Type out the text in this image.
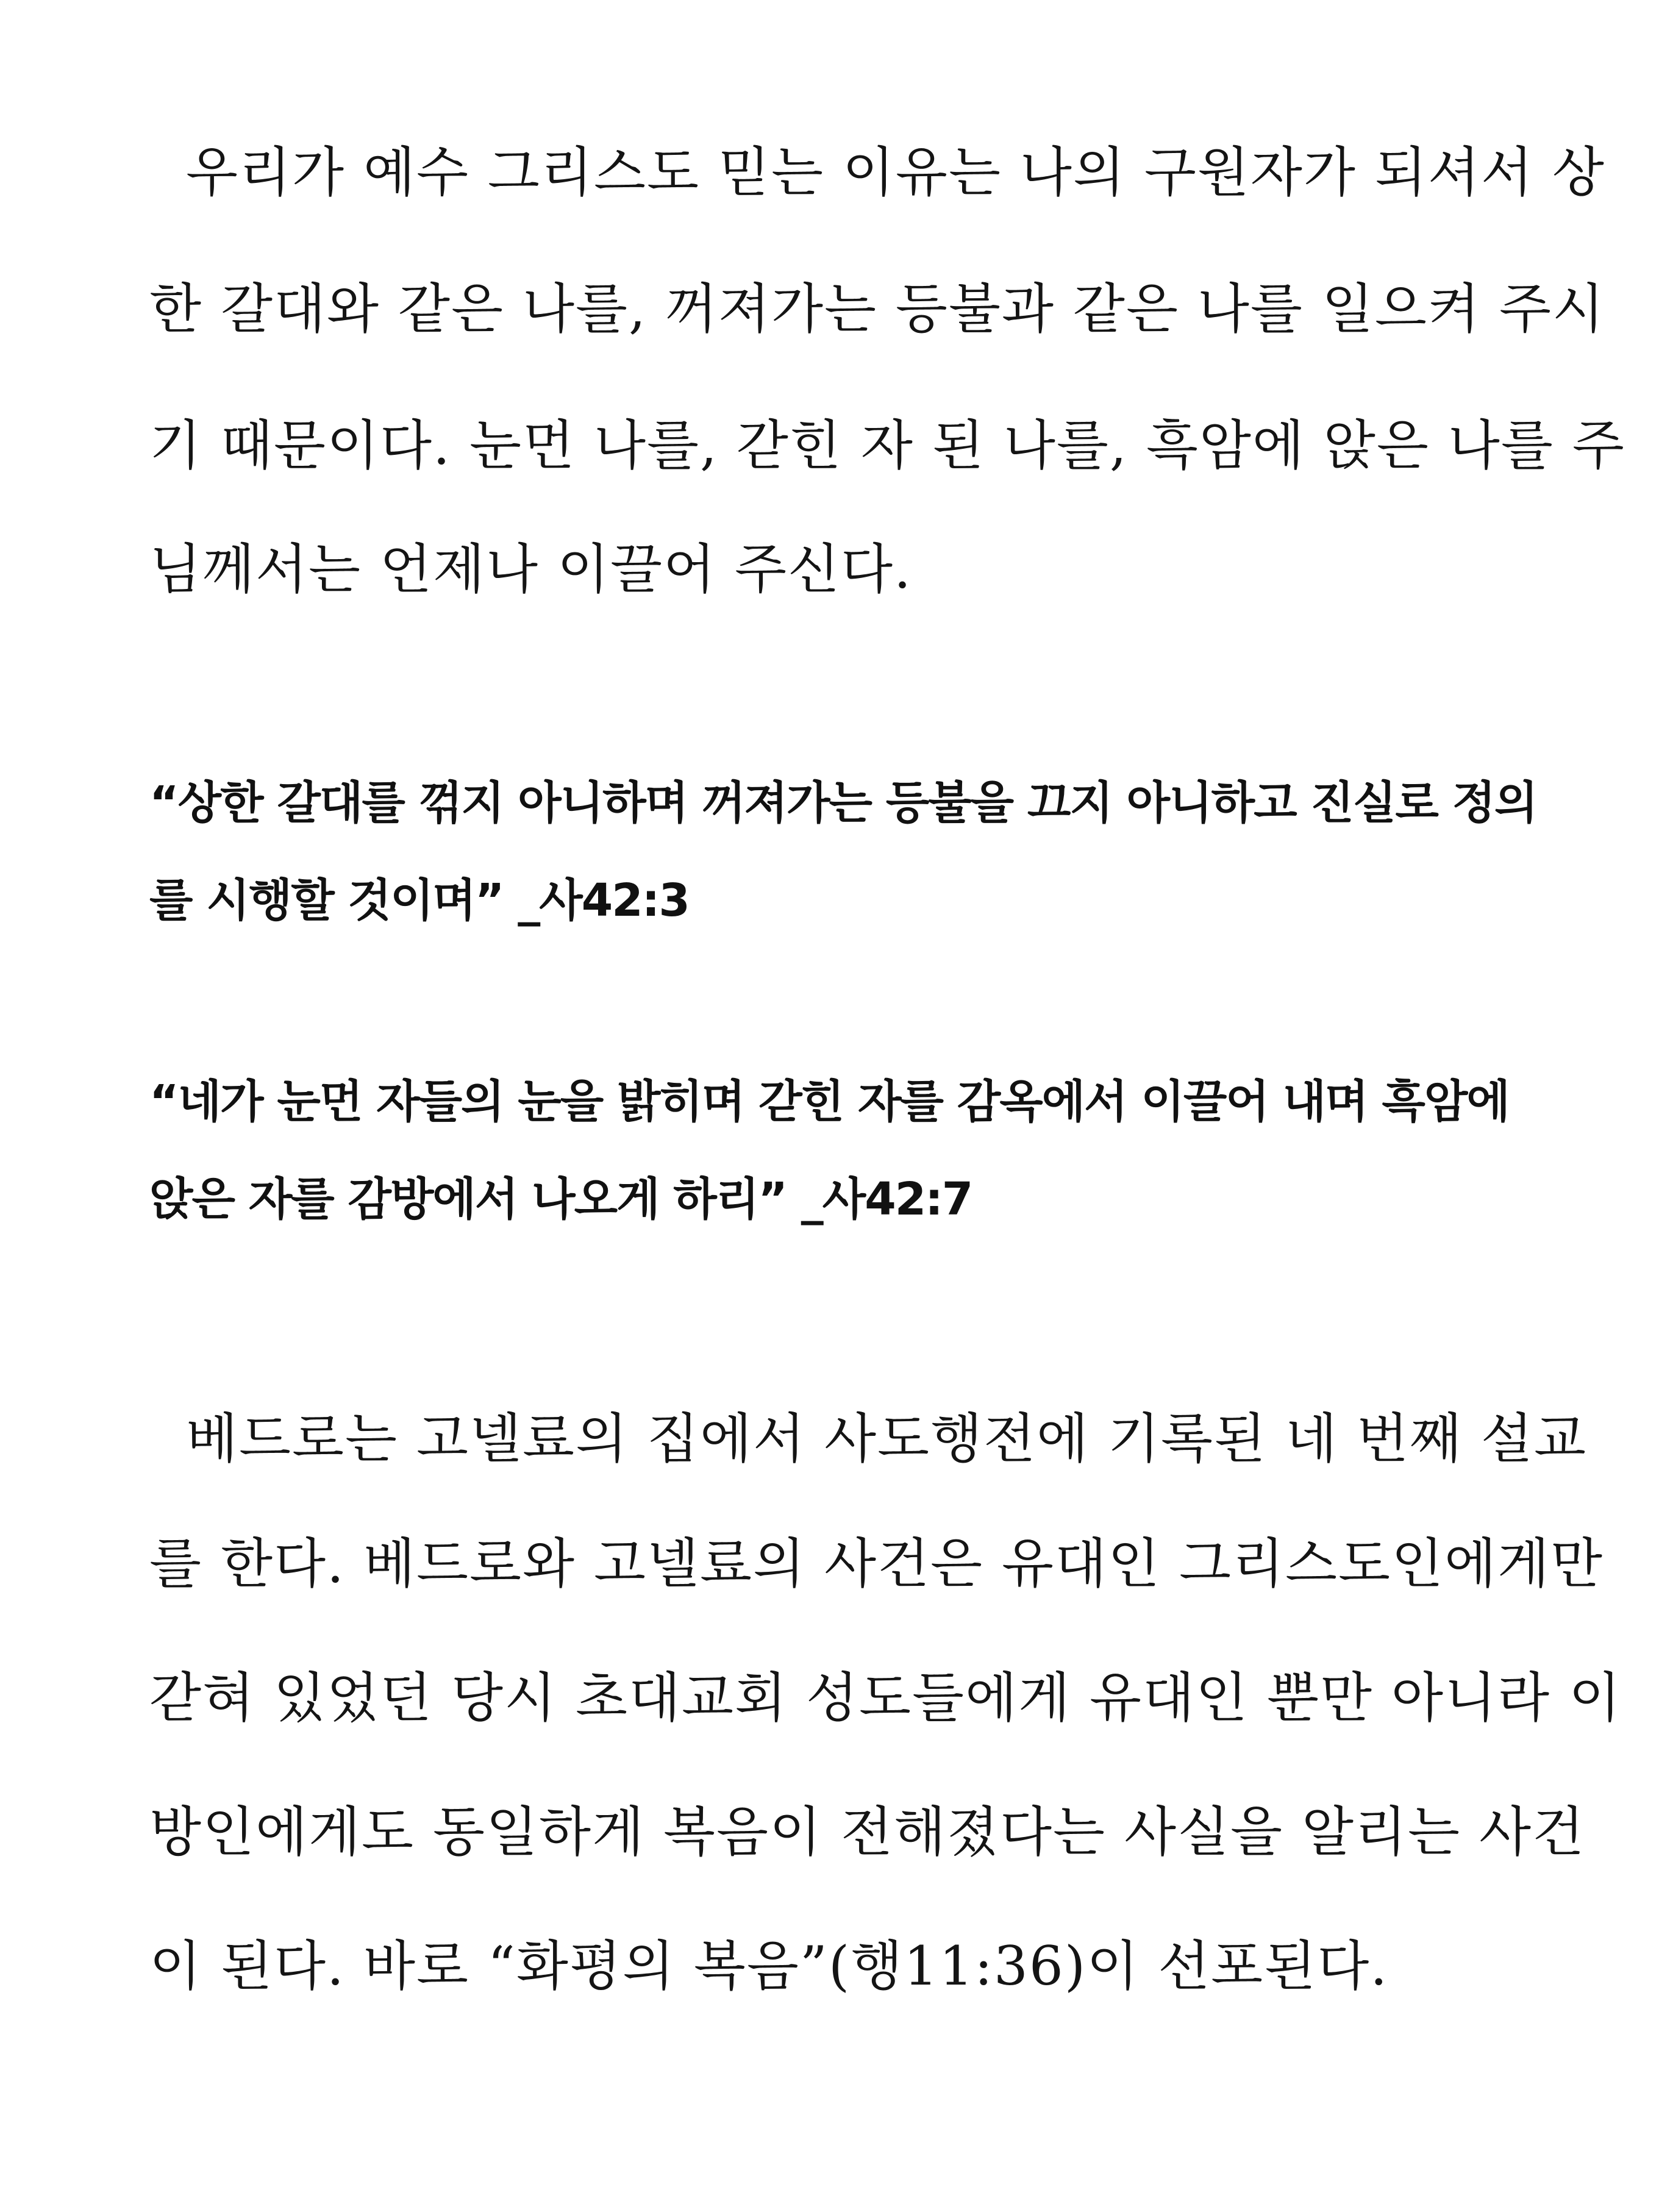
우리가 예수 그리스도 믿는 이유는 나의 구원자가 되셔서 상
한 갈대와 같은 나를, 꺼져가는 등불과 같은 나를 일으켜 주시
기 때문이다. 눈먼 나를, 갇힌 자 된 나를, 흑암에 앉은 나를 주
님께서는 언제나 이끌어 주신다.
“상한 갈대를 꺾지 아니하며 꺼져가는 등불을 끄지 아니하고 진실로 정의
를 시행할 것이며” _사42:3
“네가 눈먼 자들의 눈을 밝히며 갇힌 자를 감옥에서 이끌어 내며 흑암에
앉은 자를 감방에서 나오게 하리” _사42:7
베드로는 고넬료의 집에서 사도행전에 기록된 네 번째 설교
를 한다. 베드로와 고넬료의 사건은 유대인 그리스도인에게만
갇혀 있었던 당시 초대교회 성도들에게 유대인 뿐만 아니라 이
방인에게도 동일하게 복음이 전해졌다는 사실을 알리는 사건
이 된다. 바로 “화평의 복음”(행11:36)이 선포된다.
